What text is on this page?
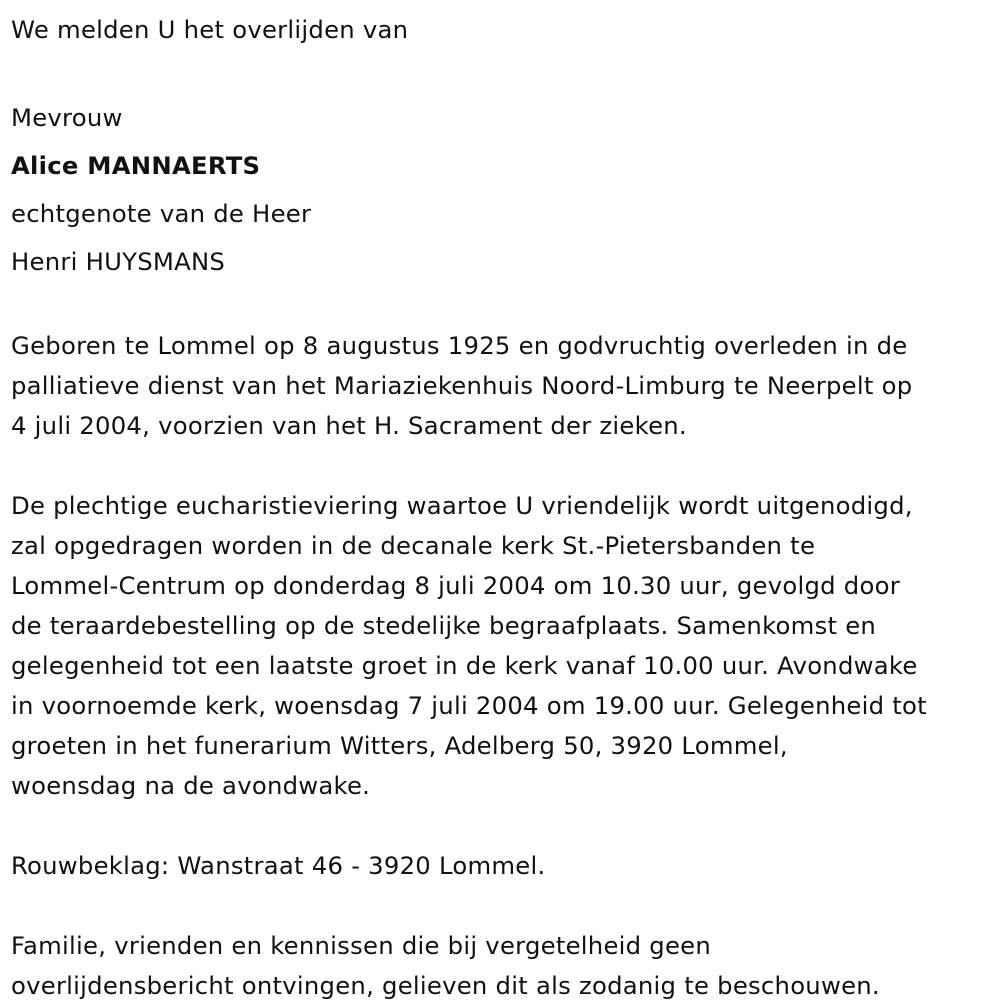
We melden U het overlijden van
Mevrouw
Alice MANNAERTS
echtgenote van de Heer
Henri HUYSMANS
Geboren te Lommel op 8 augustus 1925 en godvruchtig overleden in de
palliatieve dienst van het Mariaziekenhuis Noord-Limburg te Neerpelt op
4 juli 2004, voorzien van het H. Sacrament der zieken.
De plechtige eucharistieviering waartoe U vriendelijk wordt uitgenodigd,
zal opgedragen worden in de decanale kerk St.-Pietersbanden te
Lommel-Centrum op donderdag 8 juli 2004 om 10.30 uur, gevolgd door
de teraardebestelling op de stedelijke begraafplaats. Samenkomst en
gelegenheid tot een laatste groet in de kerk vanaf 10.00 uur. Avondwake
in voornoemde kerk, woensdag 7 juli 2004 om 19.00 uur. Gelegenheid tot
groeten in het funerarium Witters, Adelberg 50, 3920 Lommel,
woensdag na de avondwake.
Rouwbeklag: Wanstraat 46 - 3920 Lommel.
Familie, vrienden en kennissen die bij vergetelheid geen
overlijdensbericht ontvingen, gelieven dit als zodanig te beschouwen.
